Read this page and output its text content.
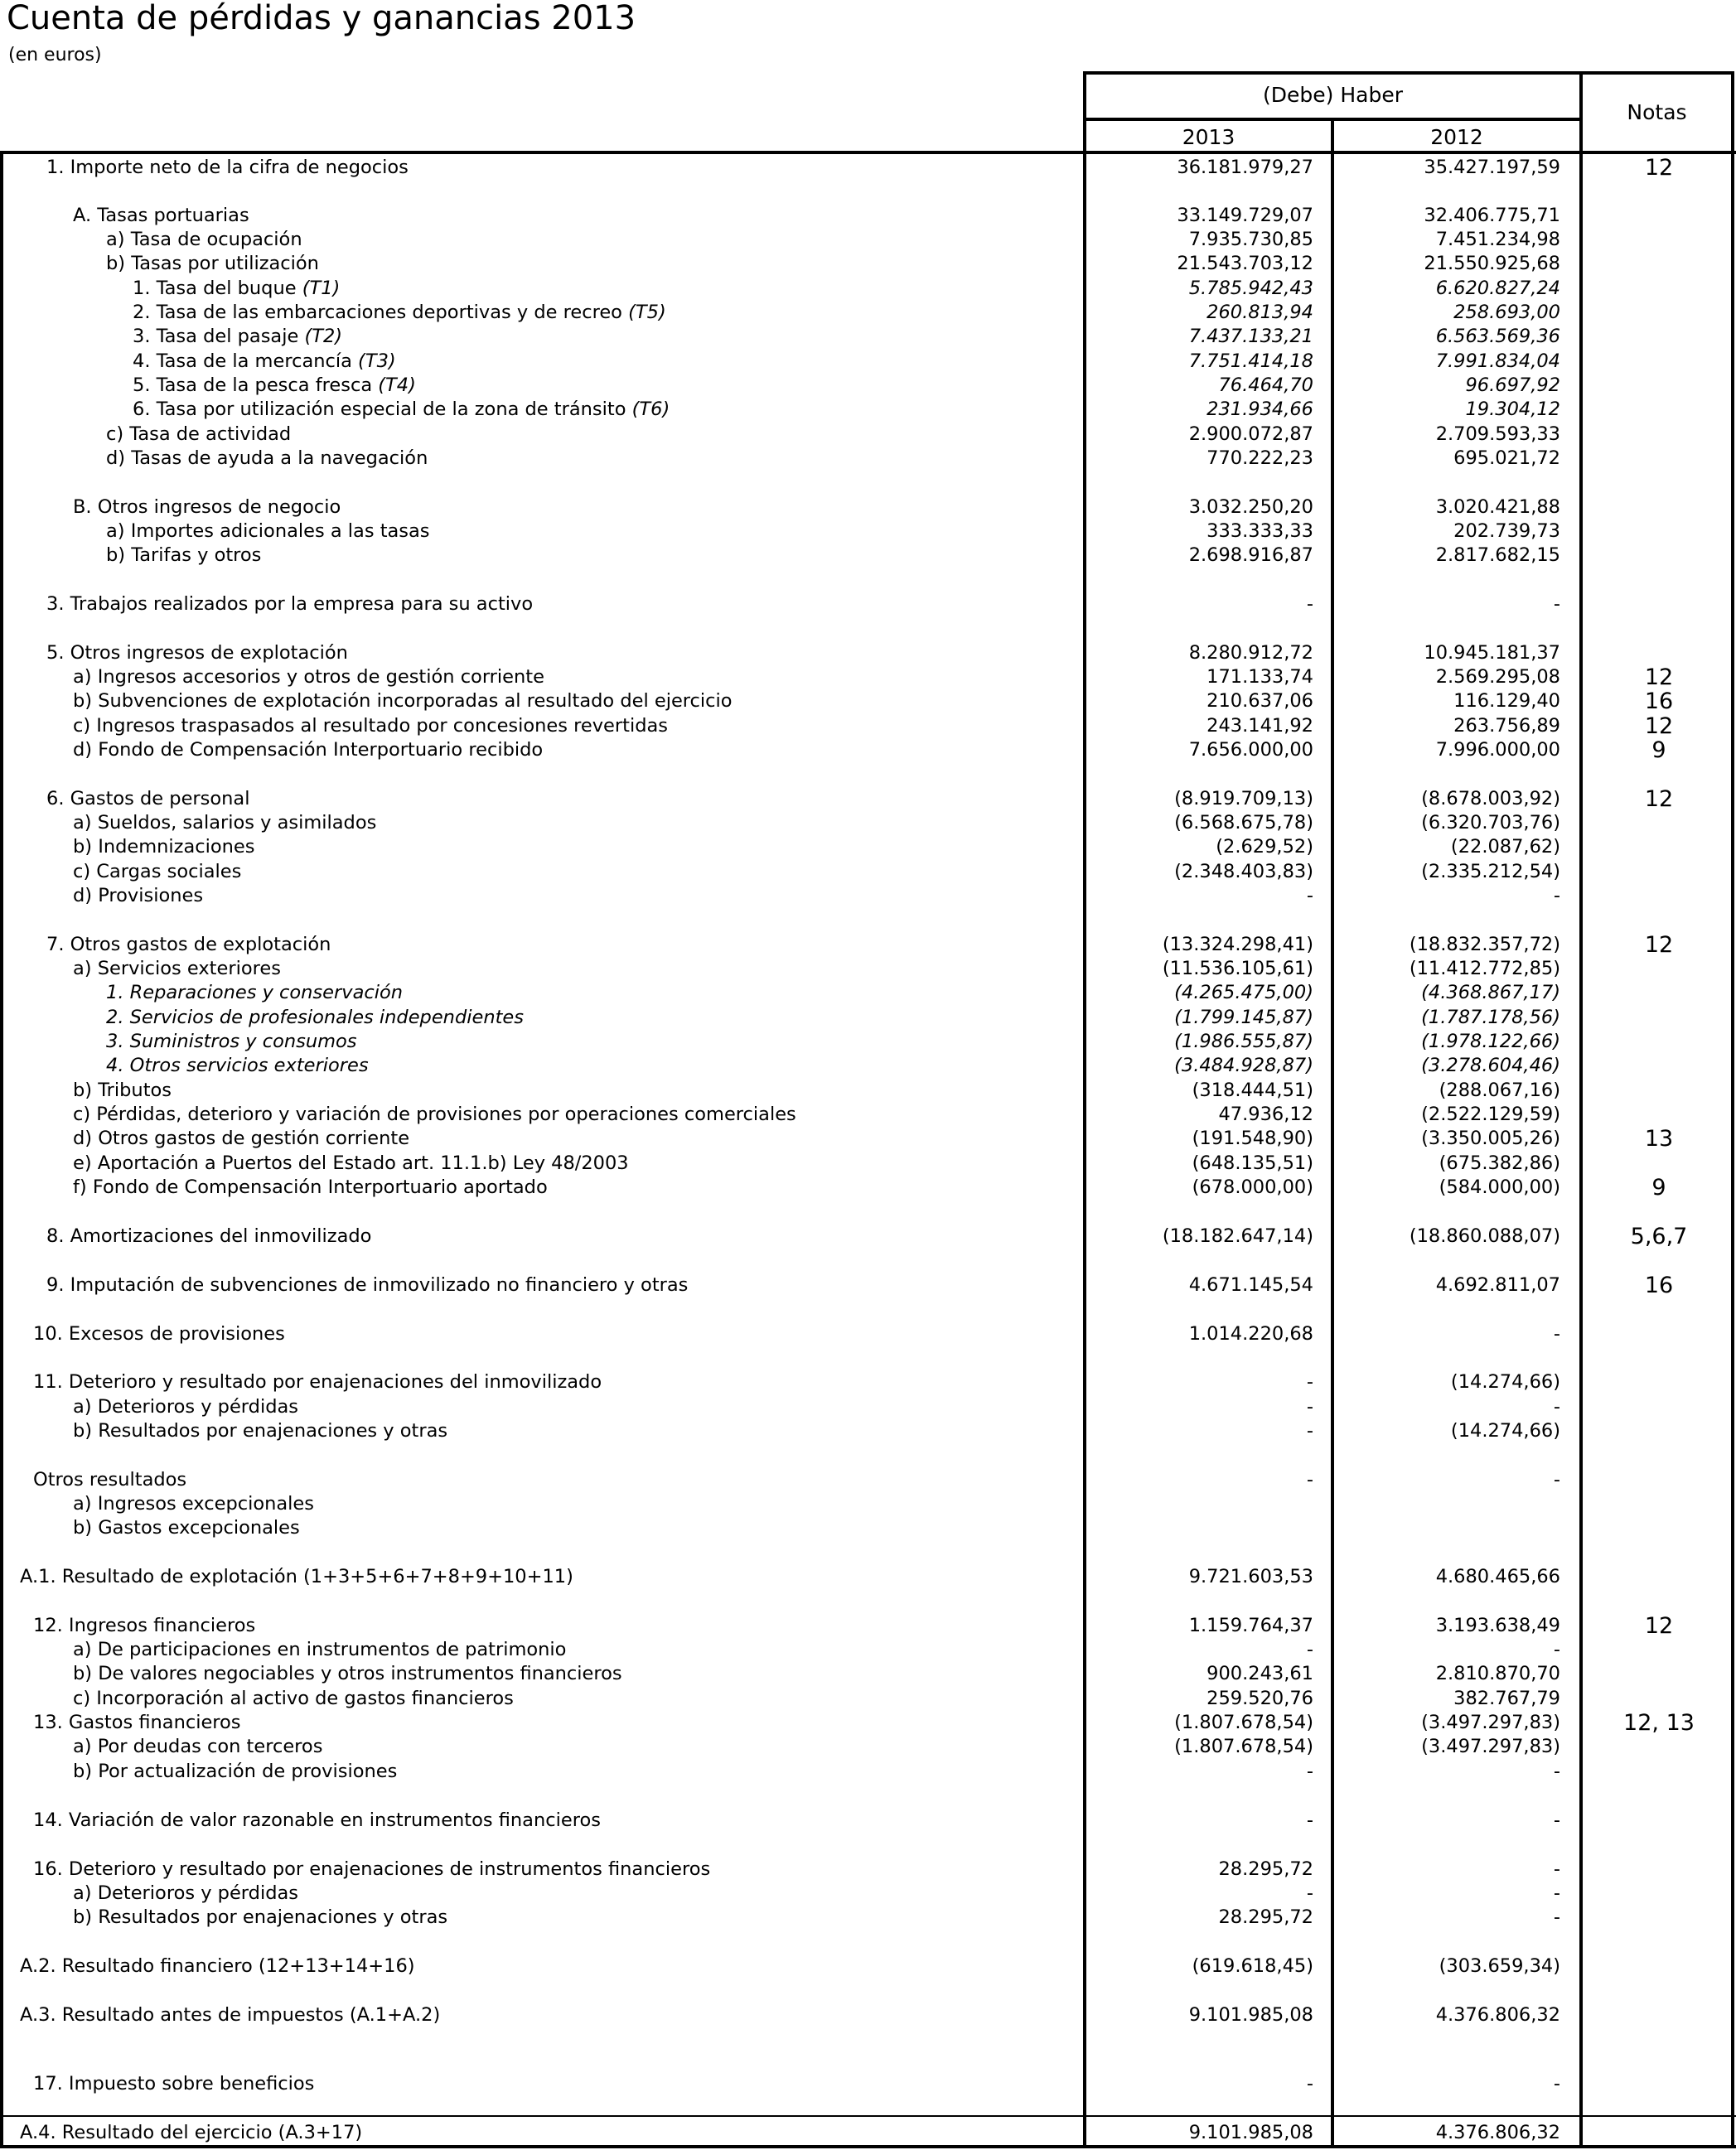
Cuenta de pérdidas y ganancias 2013
(en euros)
(Debe) Haber
2013	2012
Notas
1. Importe neto de la cifra de negocios	36.181.979,27	35.427.197,59	12
A. Tasas portuarias	33.149.729,07	32.406.775,71
a) Tasa de ocupación	7.935.730,85	7.451.234,98
b) Tasas por utilización	21.543.703,12	21.550.925,68
1. Tasa del buque (T1)	5.785.942,43	6.620.827,24
2. Tasa de las embarcaciones deportivas y de recreo (T5)	260.813,94	258.693,00
3. Tasa del pasaje (T2)	7.437.133,21	6.563.569,36
4. Tasa de la mercancía (T3)	7.751.414,18	7.991.834,04
5. Tasa de la pesca fresca (T4)	76.464,70	96.697,92
6. Tasa por utilización especial de la zona de tránsito (T6)	231.934,66	19.304,12
c) Tasa de actividad	2.900.072,87	2.709.593,33
d) Tasas de ayuda a la navegación	770.222,23	695.021,72
B. Otros ingresos de negocio	3.032.250,20	3.020.421,88
a) Importes adicionales a las tasas	333.333,33	202.739,73
b) Tarifas y otros	2.698.916,87	2.817.682,15
3. Trabajos realizados por la empresa para su activo	-	-
5. Otros ingresos de explotación	8.280.912,72	10.945.181,37
a) Ingresos accesorios y otros de gestión corriente	171.133,74	2.569.295,08	12
b) Subvenciones de explotación incorporadas al resultado del ejercicio	210.637,06	116.129,40	16
c) Ingresos traspasados al resultado por concesiones revertidas	243.141,92	263.756,89	12
d) Fondo de Compensación Interportuario recibido	7.656.000,00	7.996.000,00	9
6. Gastos de personal	(8.919.709,13)	(8.678.003,92)	12
a) Sueldos, salarios y asimilados	(6.568.675,78)	(6.320.703,76)
b) Indemnizaciones	(2.629,52)	(22.087,62)
c) Cargas sociales	(2.348.403,83)	(2.335.212,54)
d) Provisiones	-	-
7. Otros gastos de explotación	(13.324.298,41)	(18.832.357,72)	12
a) Servicios exteriores	(11.536.105,61)	(11.412.772,85)
1. Reparaciones y conservación	(4.265.475,00)	(4.368.867,17)
2. Servicios de profesionales independientes	(1.799.145,87)	(1.787.178,56)
3. Suministros y consumos	(1.986.555,87)	(1.978.122,66)
4. Otros servicios exteriores	(3.484.928,87)	(3.278.604,46)
b) Tributos	(318.444,51)	(288.067,16)
c) Pérdidas, deterioro y variación de provisiones por operaciones comerciales	47.936,12	(2.522.129,59)
d) Otros gastos de gestión corriente	(191.548,90)	(3.350.005,26)	13
e) Aportación a Puertos del Estado art. 11.1.b) Ley 48/2003	(648.135,51)	(675.382,86)
f) Fondo de Compensación Interportuario aportado	(678.000,00)	(584.000,00)	9
8. Amortizaciones del inmovilizado	(18.182.647,14)	(18.860.088,07)	5,6,7
9. Imputación de subvenciones de inmovilizado no financiero y otras	4.671.145,54	4.692.811,07	16
10. Excesos de provisiones	1.014.220,68	-
11. Deterioro y resultado por enajenaciones del inmovilizado	-	(14.274,66)
a) Deterioros y pérdidas	-	-
b) Resultados por enajenaciones y otras	-	(14.274,66)
Otros resultados	-	-
a) Ingresos excepcionales
b) Gastos excepcionales
A.1. Resultado de explotación (1+3+5+6+7+8+9+10+11)	9.721.603,53	4.680.465,66
12. Ingresos financieros	1.159.764,37	3.193.638,49	12
a) De participaciones en instrumentos de patrimonio	-	-
b) De valores negociables y otros instrumentos financieros	900.243,61	2.810.870,70
c) Incorporación al activo de gastos financieros	259.520,76	382.767,79
13. Gastos financieros	(1.807.678,54)	(3.497.297,83)	12, 13
a) Por deudas con terceros	(1.807.678,54)	(3.497.297,83)
b) Por actualización de provisiones	-	-
14. Variación de valor razonable en instrumentos financieros	-	-
16. Deterioro y resultado por enajenaciones de instrumentos financieros	28.295,72	-
a) Deterioros y pérdidas	-	-
b) Resultados por enajenaciones y otras	28.295,72	-
A.2. Resultado financiero (12+13+14+16)	(619.618,45)	(303.659,34)
A.3. Resultado antes de impuestos (A.1+A.2)	9.101.985,08	4.376.806,32
17. Impuesto sobre beneficios	-	-
A.4. Resultado del ejercicio (A.3+17)	9.101.985,08	4.376.806,32
